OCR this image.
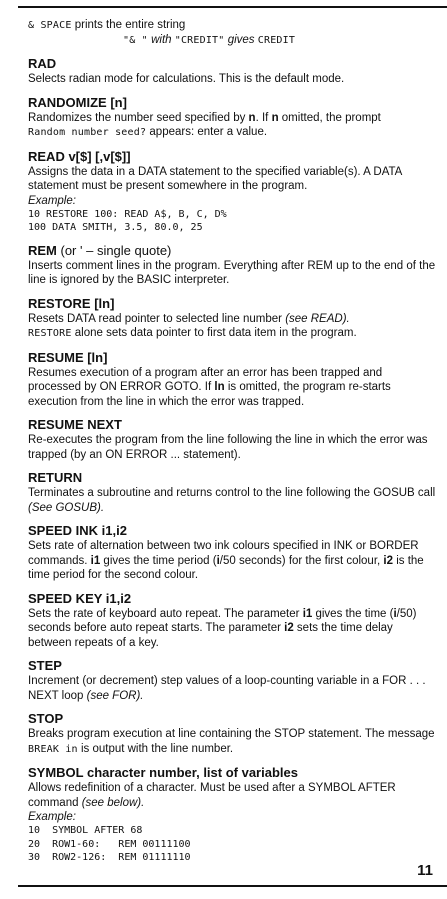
& SPACE prints the entire string
"& " with "CREDIT" gives CREDIT
RAD
Selects radian mode for calculations. This is the default mode.
RANDOMIZE [n]
Randomizes the number seed specified by n. If n omitted, the prompt
Random number seed? appears: enter a value.
READ v[$] [,v[$]]
Assigns the data in a DATA statement to the specified variable(s). A DATA statement must be present somewhere in the program.
Example:
10 RESTORE 100: READ A$, B, C, D%
100 DATA SMITH, 3.5, 80.0, 25
REM (or ' – single quote)
Inserts comment lines in the program. Everything after REM up to the end of the line is ignored by the BASIC interpreter.
RESTORE [ln]
Resets DATA read pointer to selected line number (see READ).
RESTORE alone sets data pointer to first data item in the program.
RESUME [ln]
Resumes execution of a program after an error has been trapped and processed by ON ERROR GOTO. If ln is omitted, the program re-starts execution from the line in which the error was trapped.
RESUME NEXT
Re-executes the program from the line following the line in which the error was trapped (by an ON ERROR ... statement).
RETURN
Terminates a subroutine and returns control to the line following the GOSUB call (See GOSUB).
SPEED INK i1,i2
Sets rate of alternation between two ink colours specified in INK or BORDER commands. i1 gives the time period (i/50 seconds) for the first colour, i2 is the time period for the second colour.
SPEED KEY i1,i2
Sets the rate of keyboard auto repeat. The parameter i1 gives the time (i/50) seconds before auto repeat starts. The parameter i2 sets the time delay between repeats of a key.
STEP
Increment (or decrement) step values of a loop-counting variable in a FOR . . . NEXT loop (see FOR).
STOP
Breaks program execution at line containing the STOP statement. The message BREAK in is output with the line number.
SYMBOL character number, list of variables
Allows redefinition of a character. Must be used after a SYMBOL AFTER command (see below).
Example:
10  SYMBOL AFTER 68
20  ROW1-60:   REM 00111100
30  ROW2-126:  REM 01111110
11
